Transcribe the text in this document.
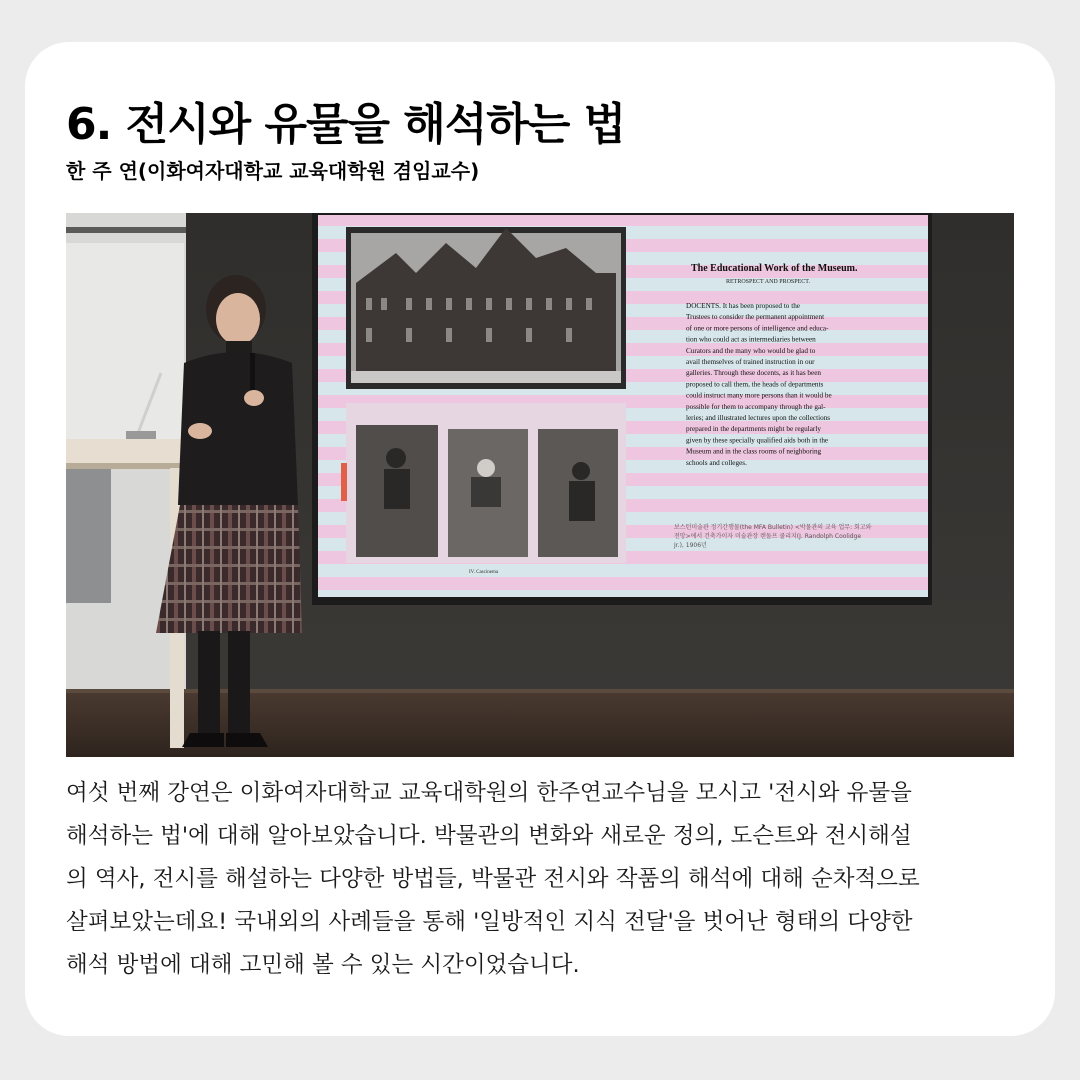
6. 전시와 유물을 해석하는 법

한 주 연(이화여자대학교 교육대학원 겸임교수)

IV. Cascinema
The Educational Work of the Museum.
RETROSPECT AND PROSPECT.
DOCENTS. It has been proposed to the
Trustees to consider the permanent appointment
of one or more persons of intelligence and educa-
tion who could act as intermediaries between
Curators and the many who would be glad to
avail themselves of trained instruction in our
galleries. Through these docents, as it has been
proposed to call them, the heads of departments
could instruct many more persons than it would be
possible for them to accompany through the gal-
leries; and illustrated lectures upon the collections
prepared in the departments might be regularly
given by these specially qualified aids both in the
Museum and in the class rooms of neighboring
schools and colleges.
보스턴미술관 정기간행물(the MFA Bulletin) <박물관의 교육 업무: 회고와
전망>에서 건축가이자 미술관장 랜돌프 쿨리지(J. Randolph Coolidge
Jr.), 1906년

여섯 번째 강연은 이화여자대학교 교육대학원의 한주연교수님을 모시고 '전시와 유물을
해석하는 법'에 대해 알아보았습니다. 박물관의 변화와 새로운 정의, 도슨트와 전시해설
의 역사, 전시를 해설하는 다양한 방법들, 박물관 전시와 작품의 해석에 대해 순차적으로
살펴보았는데요! 국내외의 사례들을 통해 '일방적인 지식 전달'을 벗어난 형태의 다양한
해석 방법에 대해 고민해 볼 수 있는 시간이었습니다.
